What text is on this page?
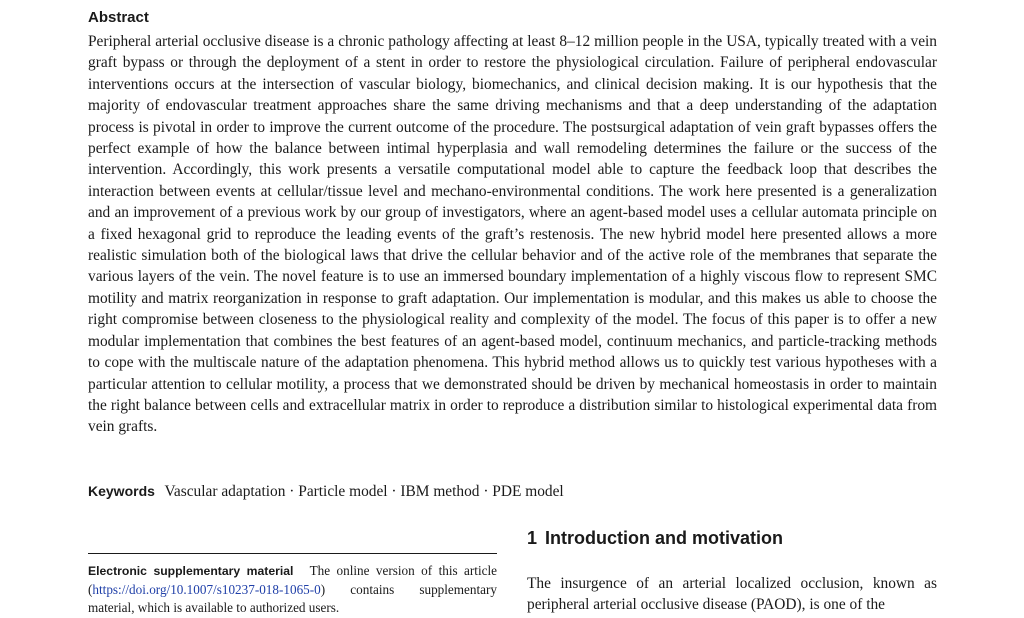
Abstract

Peripheral arterial occlusive disease is a chronic pathology affecting at least 8–12 million people in the USA, typically treated with a vein graft bypass or through the deployment of a stent in order to restore the physiological circulation. Failure of peripheral endovascular interventions occurs at the intersection of vascular biology, biomechanics, and clinical decision making. It is our hypothesis that the majority of endovascular treatment approaches share the same driving mechanisms and that a deep understanding of the adaptation process is pivotal in order to improve the current outcome of the procedure. The postsurgical adaptation of vein graft bypasses offers the perfect example of how the balance between intimal hyperplasia and wall remodeling determines the failure or the success of the intervention. Accordingly, this work presents a versatile computational model able to capture the feedback loop that describes the interaction between events at cellular/tissue level and mechano-environmental conditions. The work here presented is a generalization and an improvement of a previous work by our group of investigators, where an agent-based model uses a cellular automata principle on a fixed hexagonal grid to reproduce the leading events of the graft’s restenosis. The new hybrid model here presented allows a more realistic simulation both of the biological laws that drive the cellular behavior and of the active role of the membranes that separate the various layers of the vein. The novel feature is to use an immersed boundary implementation of a highly viscous flow to represent SMC motility and matrix reorganization in response to graft adaptation. Our implementation is modular, and this makes us able to choose the right compromise between closeness to the physiological reality and complexity of the model. The focus of this paper is to offer a new modular implementation that combines the best features of an agent-based model, continuum mechanics, and particle-tracking methods to cope with the multiscale nature of the adaptation phenomena. This hybrid method allows us to quickly test various hypotheses with a particular attention to cellular motility, a process that we demonstrated should be driven by mechanical homeostasis in order to maintain the right balance between cells and extracellular matrix in order to reproduce a distribution similar to histological experimental data from vein grafts.

Keywords Vascular adaptation · Particle model · IBM method · PDE model

Electronic supplementary material The online version of this article (https://doi.org/10.1007/s10237-018-1065-0) contains supplementary material, which is available to authorized users.

1 Introduction and motivation

The insurgence of an arterial localized occlusion, known as peripheral arterial occlusive disease (PAOD), is one of the
